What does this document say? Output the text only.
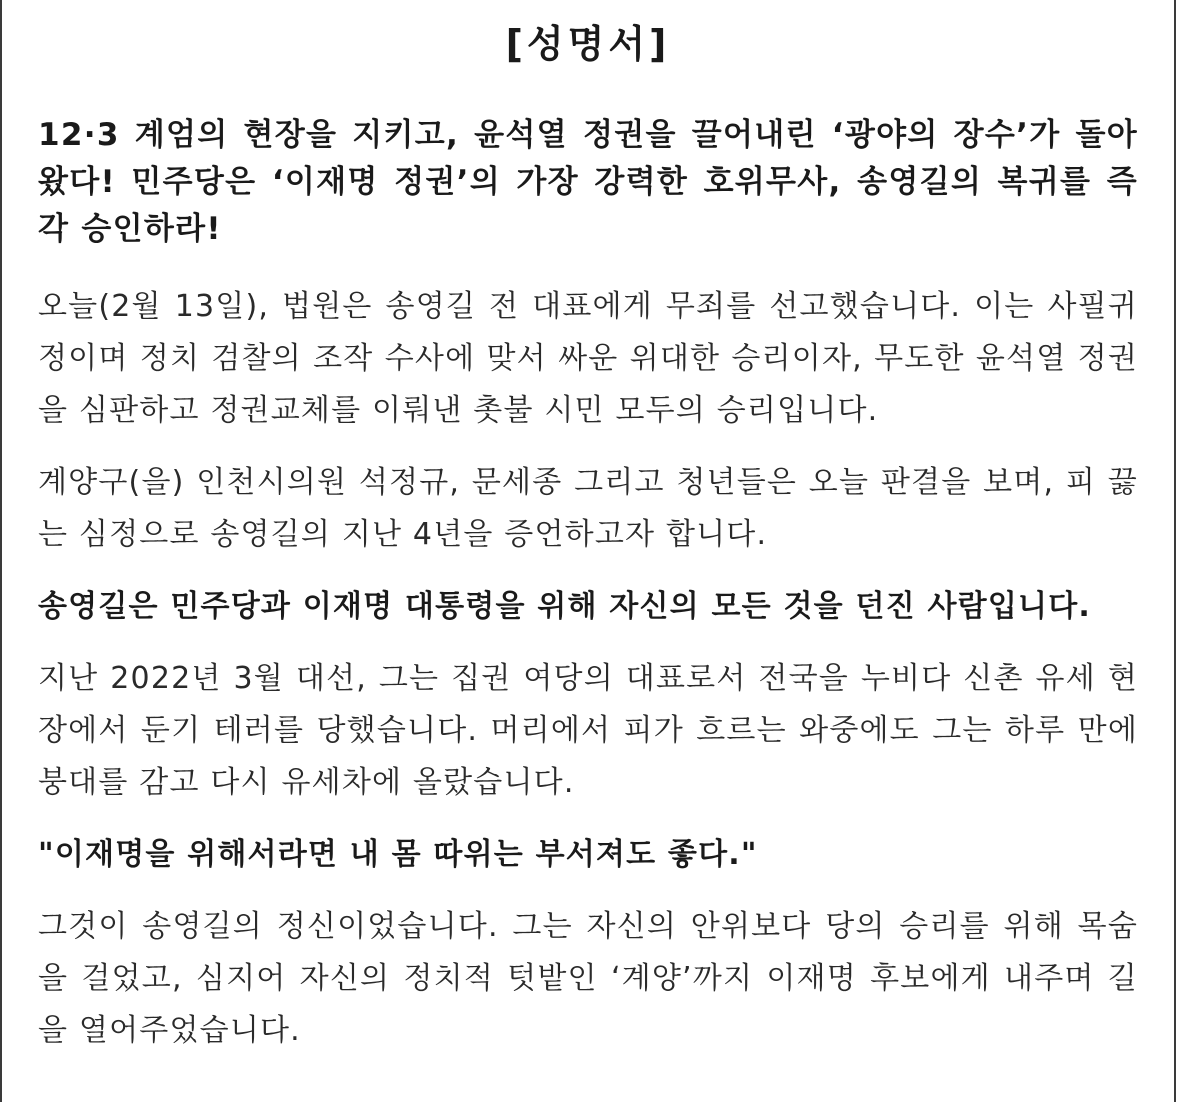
[성명서]
12·3 계엄의 현장을 지키고, 윤석열 정권을 끌어내린 ‘광야의 장수’가 돌아왔다! 민주당은 ‘이재명 정권’의 가장 강력한 호위무사, 송영길의 복귀를 즉각 승인하라!

오늘(2월 13일), 법원은 송영길 전 대표에게 무죄를 선고했습니다. 이는 사필귀정이며 정치 검찰의 조작 수사에 맞서 싸운 위대한 승리이자, 무도한 윤석열 정권을 심판하고 정권교체를 이뤄낸 촛불 시민 모두의 승리입니다.

계양구(을) 인천시의원 석정규, 문세종 그리고 청년들은 오늘 판결을 보며, 피 끓는 심정으로 송영길의 지난 4년을 증언하고자 합니다.

송영길은 민주당과 이재명 대통령을 위해 자신의 모든 것을 던진 사람입니다.

지난 2022년 3월 대선, 그는 집권 여당의 대표로서 전국을 누비다 신촌 유세 현장에서 둔기 테러를 당했습니다. 머리에서 피가 흐르는 와중에도 그는 하루 만에 붕대를 감고 다시 유세차에 올랐습니다.

"이재명을 위해서라면 내 몸 따위는 부서져도 좋다."

그것이 송영길의 정신이었습니다. 그는 자신의 안위보다 당의 승리를 위해 목숨을 걸었고, 심지어 자신의 정치적 텃밭인 ‘계양’까지 이재명 후보에게 내주며 길을 열어주었습니다.
